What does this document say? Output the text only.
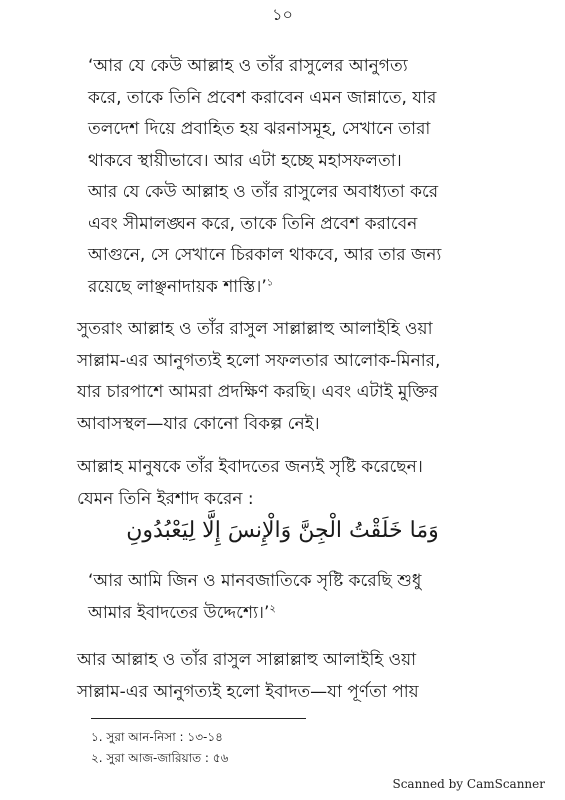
১০
‘আর যে কেউ আল্লাহ ও তাঁর রাসুলের আনুগত্য
করে, তাকে তিনি প্রবেশ করাবেন এমন জান্নাতে, যার
তলদেশ দিয়ে প্রবাহিত হয় ঝরনাসমূহ, সেখানে তারা
থাকবে স্থায়ীভাবে। আর এটা হচ্ছে মহাসফলতা।
আর যে কেউ আল্লাহ ও তাঁর রাসুলের অবাধ্যতা করে
এবং সীমালঙ্ঘন করে, তাকে তিনি প্রবেশ করাবেন
আগুনে, সে সেখানে চিরকাল থাকবে, আর তার জন্য
রয়েছে লাঞ্ছনাদায়ক শাস্তি।’$^১$
সুতরাং আল্লাহ ও তাঁর রাসুল সাল্লাল্লাহু আলাইহি ওয়া
সাল্লাম-এর আনুগত্যই হলো সফলতার আলোক-মিনার,
যার চারপাশে আমরা প্রদক্ষিণ করছি। এবং এটাই মুক্তির
আবাসস্থল—যার কোনো বিকল্প নেই।
আল্লাহ মানুষকে তাঁর ইবাদতের জন্যই সৃষ্টি করেছেন।
যেমন তিনি ইরশাদ করেন :
وَمَا خَلَقْتُ الْجِنَّ وَالْإِنسَ إِلَّا لِيَعْبُدُونِ
‘আর আমি জিন ও মানবজাতিকে সৃষ্টি করেছি শুধু
আমার ইবাদতের উদ্দেশ্যে।’$^২$
আর আল্লাহ ও তাঁর রাসুল সাল্লাল্লাহু আলাইহি ওয়া
সাল্লাম-এর আনুগত্যই হলো ইবাদত—যা পূর্ণতা পায়
১. সুরা আন-নিসা : ১৩-১৪
২. সুরা আজ-জারিয়াত : ৫৬
Scanned by CamScanner
